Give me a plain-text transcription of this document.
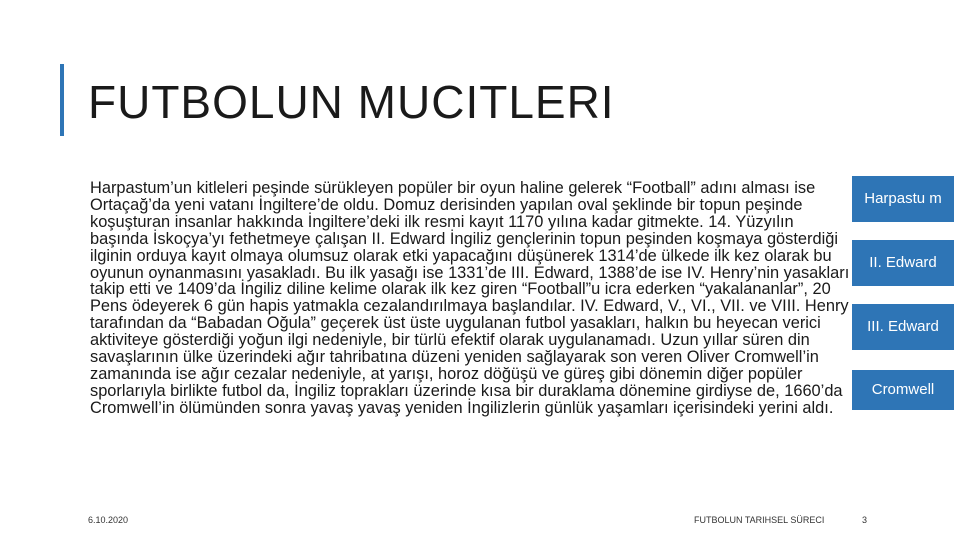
FUTBOLUN MUCITLERI

Harpastum’un kitleleri peşinde sürükleyen popüler bir oyun haline gelerek “Football” adını alması ise Ortaçağ’da yeni vatanı İngiltere’de oldu. Domuz derisinden yapılan oval şeklinde bir topun peşinde koşuşturan insanlar hakkında İngiltere’deki ilk resmi kayıt 1170 yılına kadar gitmekte. 14. Yüzyılın başında İskoçya’yı fethetmeye çalışan II. Edward İngiliz gençlerinin topun peşinden koşmaya gösterdiği ilginin orduya kayıt olmaya olumsuz olarak etki yapacağını düşünerek 1314’de ülkede ilk kez olarak bu oyunun oynanmasını yasakladı. Bu ilk yasağı ise 1331’de III. Edward, 1388’de ise IV. Henry’nin yasakları takip etti ve 1409’da İngiliz diline kelime olarak ilk kez giren “Football”u icra ederken “yakalananlar”, 20 Pens ödeyerek 6 gün hapis yatmakla cezalandırılmaya başlandılar. IV. Edward, V., VI., VII. ve VIII. Henry tarafından da “Babadan Oğula” geçerek üst üste uygulanan futbol yasakları, halkın bu heyecan verici aktiviteye gösterdiği yoğun ilgi nedeniyle, bir türlü efektif olarak uygulanamadı. Uzun yıllar süren din savaşlarının ülke üzerindeki ağır tahribatına düzeni yeniden sağlayarak son veren Oliver Cromwell’in zamanında ise ağır cezalar nedeniyle, at yarışı, horoz döğüşü ve güreş gibi dönemin diğer popüler sporlarıyla birlikte futbol da, İngiliz toprakları üzerinde kısa bir duraklama dönemine girdiyse de, 1660’da Cromwell’in ölümünden sonra yavaş yavaş yeniden İngilizlerin günlük yaşamları içerisindeki yerini aldı.

Harpastu m
II. Edward
III. Edward
Cromwell
6.10.2020	FUTBOLUN TARIHSEL SÜRECI	3
